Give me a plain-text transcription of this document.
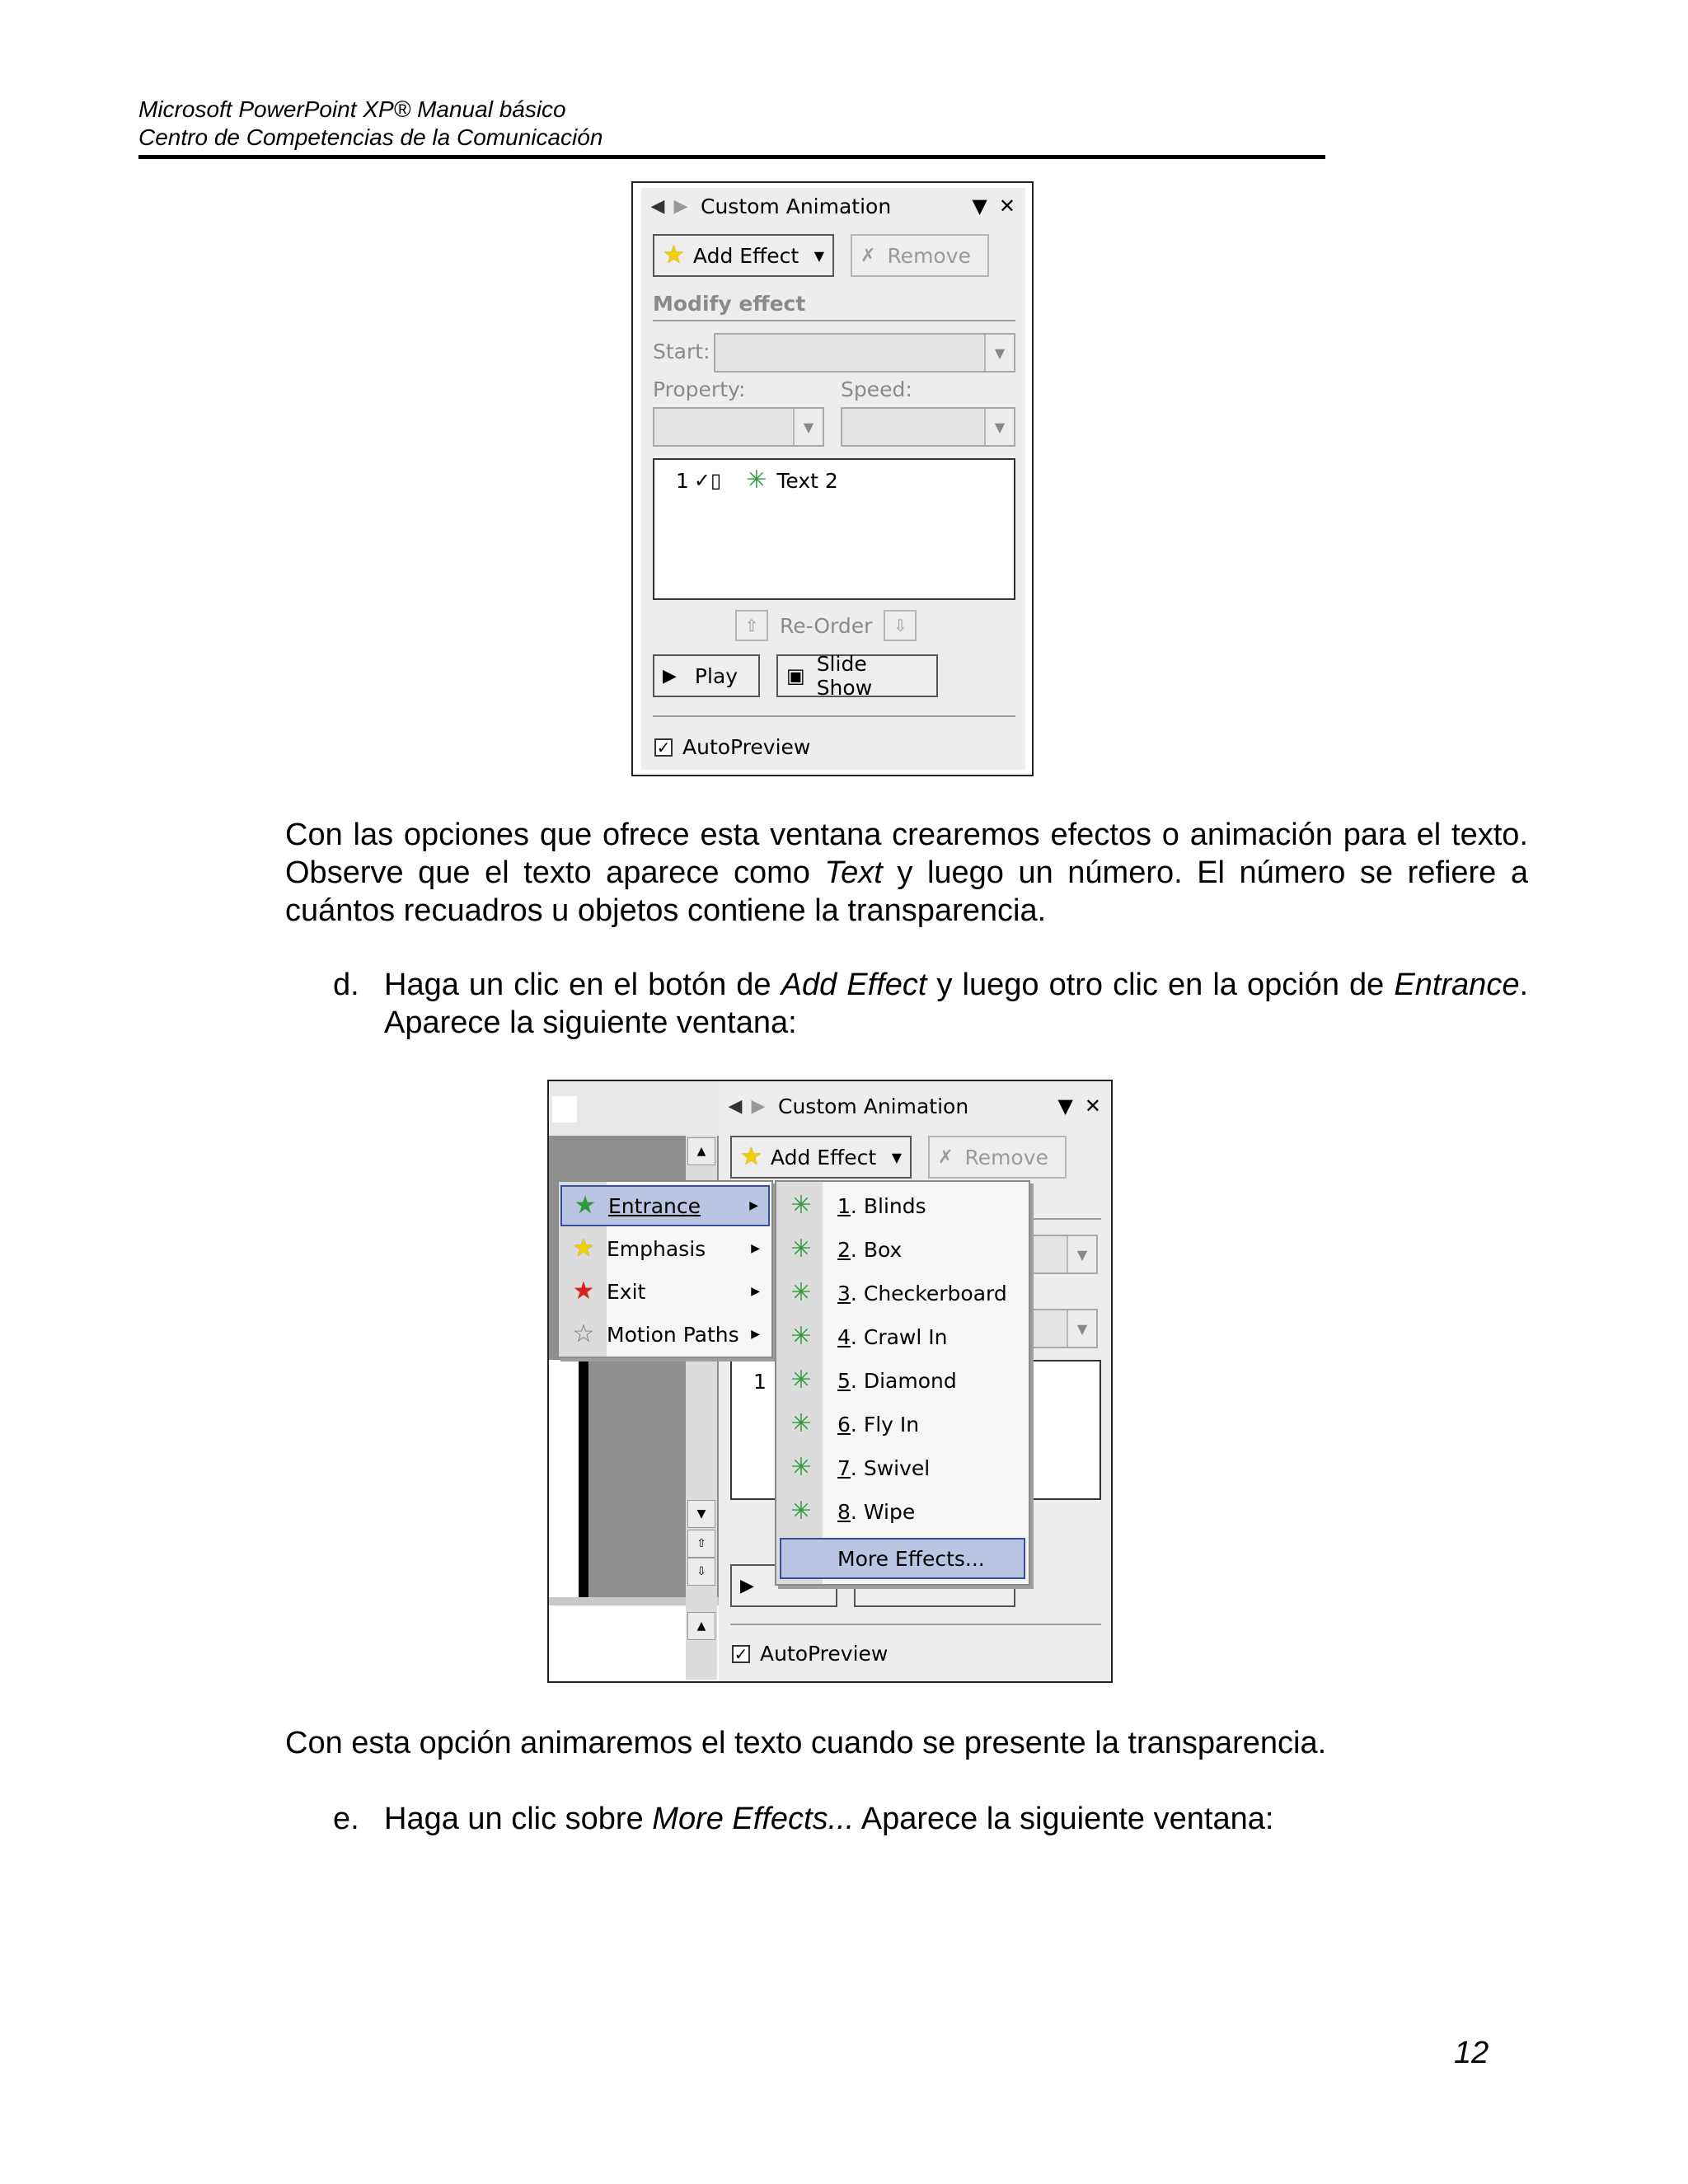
Microsoft PowerPoint XP® Manual básico
Centro de Competencias de la Comunicación
◀ ▶ Custom Animation	▼ ✕
★ Add Effect ▼ ✗ Remove
Modify effect
Start:	▼
Property:	Speed:
▼	▼
1 ✓▯ ✳ Text 2
⇧	Re-Order	⇩
▶ Play ▣ Slide Show
✓ AutoPreview
Con las opciones que ofrece esta ventana crearemos efectos o animación para el texto. Observe que el texto aparece como Text y luego un número. El número se refiere a cuántos recuadros u objetos contiene la transparencia.
d. Haga un clic en el botón de Add Effect y luego otro clic en la opción de Entrance. Aparece la siguiente ventana:
▲
▼
⇧
⇩
▲
◀ ▶ Custom Animation	▼ ✕
★ Add Effect ▼ ✗ Remove
▼
▼
1
▶
✓ AutoPreview
★ Entrance	▶
★ Emphasis	▶
★ Exit	▶
☆ Motion Paths ▶
✳ 1. Blinds
✳ 2. Box
✳ 3. Checkerboard
✳ 4. Crawl In
✳ 5. Diamond
✳ 6. Fly In
✳ 7. Swivel
✳ 8. Wipe
More Effects...
Con esta opción animaremos el texto cuando se presente la transparencia.
e. Haga un clic sobre More Effects... Aparece la siguiente ventana:
12
